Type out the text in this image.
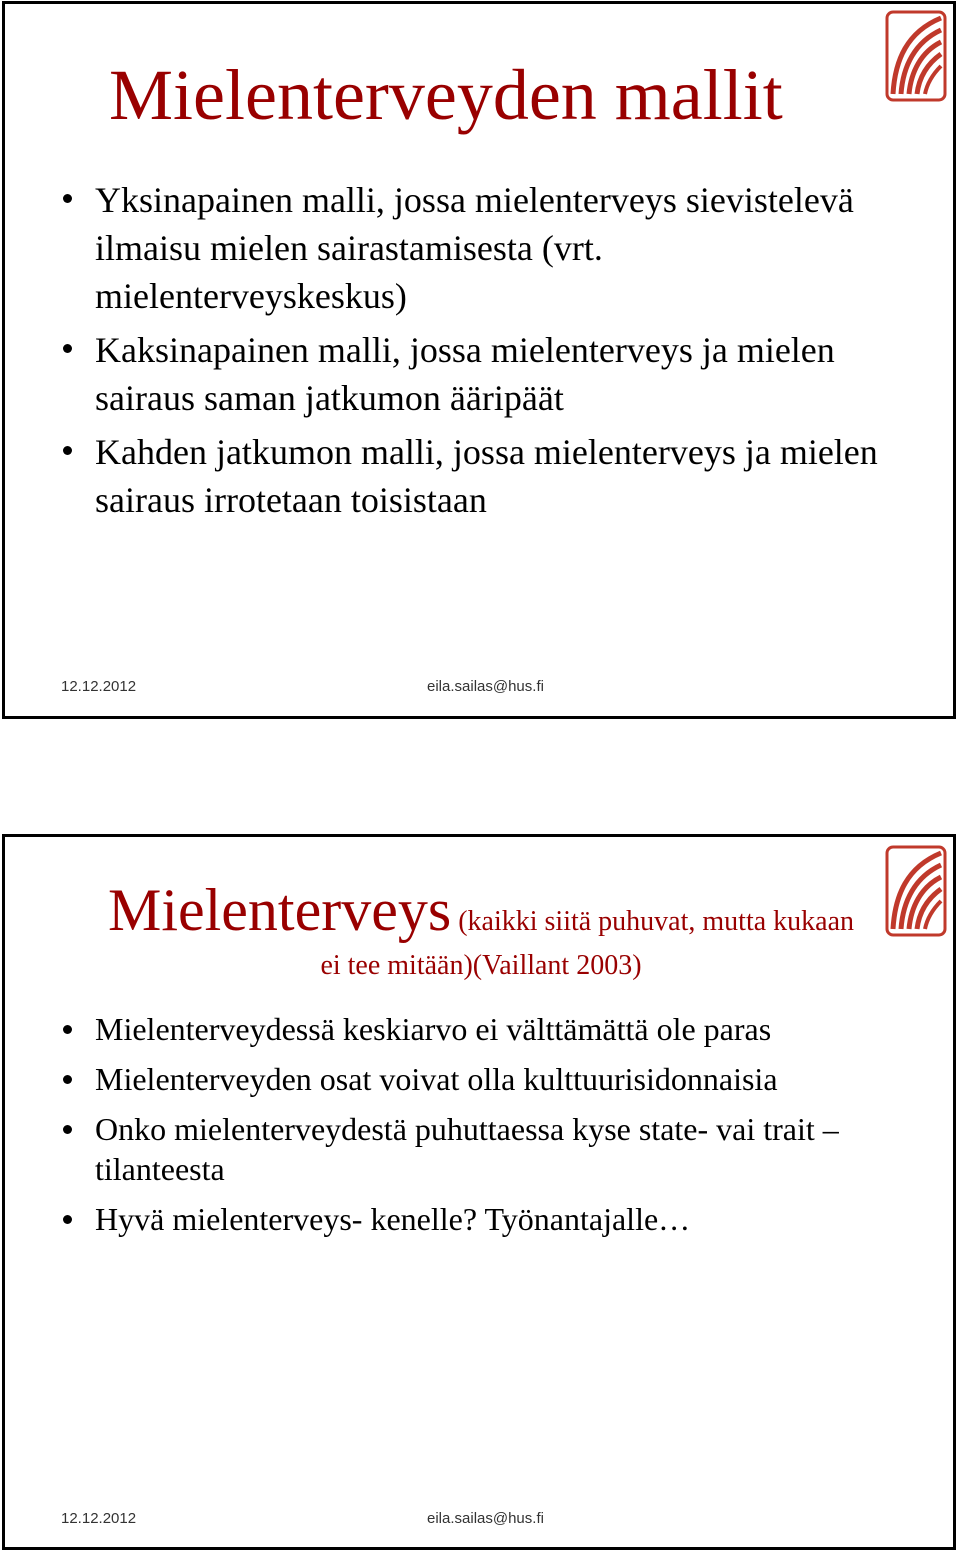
Mielenterveyden mallit
Yksinapainen malli, jossa mielenterveys sievistelevä ilmaisu mielen sairastamisesta (vrt. mielenterveyskeskus)
Kaksinapainen malli, jossa mielenterveys ja mielen sairaus saman jatkumon ääripäät
Kahden jatkumon malli, jossa mielenterveys ja mielen sairaus irrotetaan toisistaan
12.12.2012	eila.sailas@hus.fi
Mielenterveys (kaikki siitä puhuvat, mutta kukaan ei tee mitään)(Vaillant 2003)
Mielenterveydessä keskiarvo ei välttämättä ole paras
Mielenterveyden osat voivat olla kulttuurisidonnaisia
Onko mielenterveydestä puhuttaessa kyse state- vai trait –tilanteesta
Hyvä mielenterveys- kenelle? Työnantajalle…
12.12.2012	eila.sailas@hus.fi
